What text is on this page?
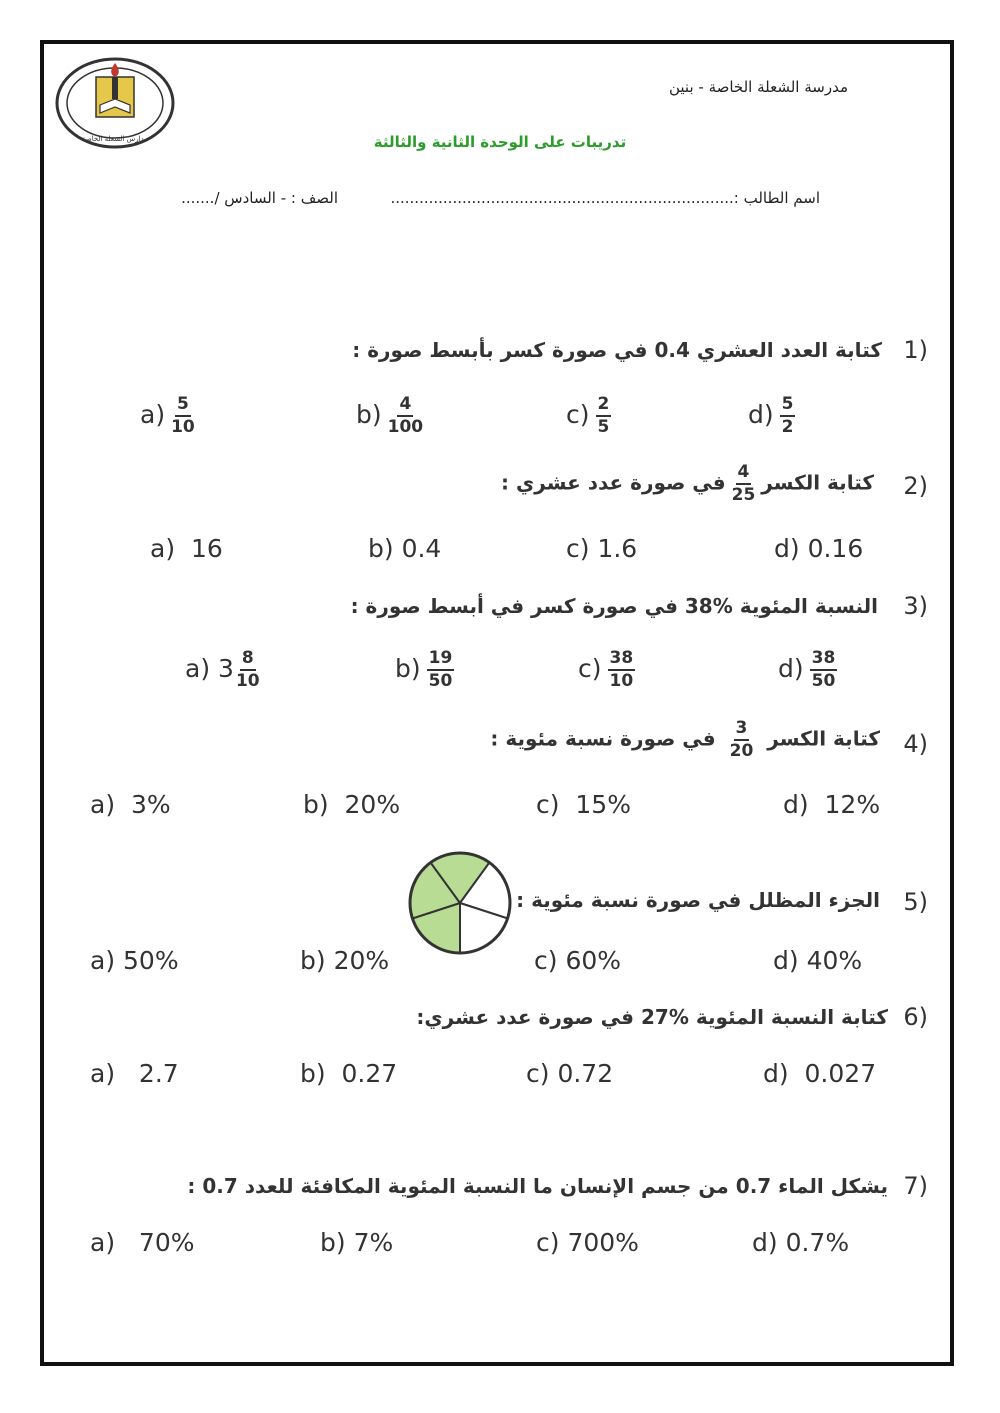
مدارس الشعلة الخاصة
مدرسة الشعلة الخاصة - بنين
تدريبات على الوحدة الثانية والثالثة
اسم الطالب :........................................................................
الصف : - السادس /.......
1)
كتابة العدد العشري 0.4 في صورة كسر بأبسط صورة :
$a) \frac{5}{10}$	$b) \frac{4}{100}$	$c) \frac{2}{5}$	$d) \frac{5}{2}$
2)
كتابة الكسر
$\frac{4}{25}$
في صورة عدد عشري :
a) 16	b) 0.4	c) 1.6	d) 0.16
3)
النسبة المئوية %38 في صورة كسر في أبسط صورة :
a) $3 \frac{8}{10}$	$b) \frac{19}{50}$	$c) \frac{38}{10}$	$d) \frac{38}{50}$
4)
كتابة الكسر
$\frac{3}{20}$
في صورة نسبة مئوية :
a) 3%	b) 20%	c) 15%	d) 12%
5)
الجزء المظلل في صورة نسبة مئوية :
a) 50%	b) 20%	c) 60%	d) 40%
6)
كتابة النسبة المئوية %27 في صورة عدد عشري:
a) 2.7	b) 0.27	c) 0.72	d) 0.027
7)
يشكل الماء 0.7 من جسم الإنسان ما النسبة المئوية المكافئة للعدد 0.7 :
a) 70%	b) 7%	c) 700%	d) 0.7%
